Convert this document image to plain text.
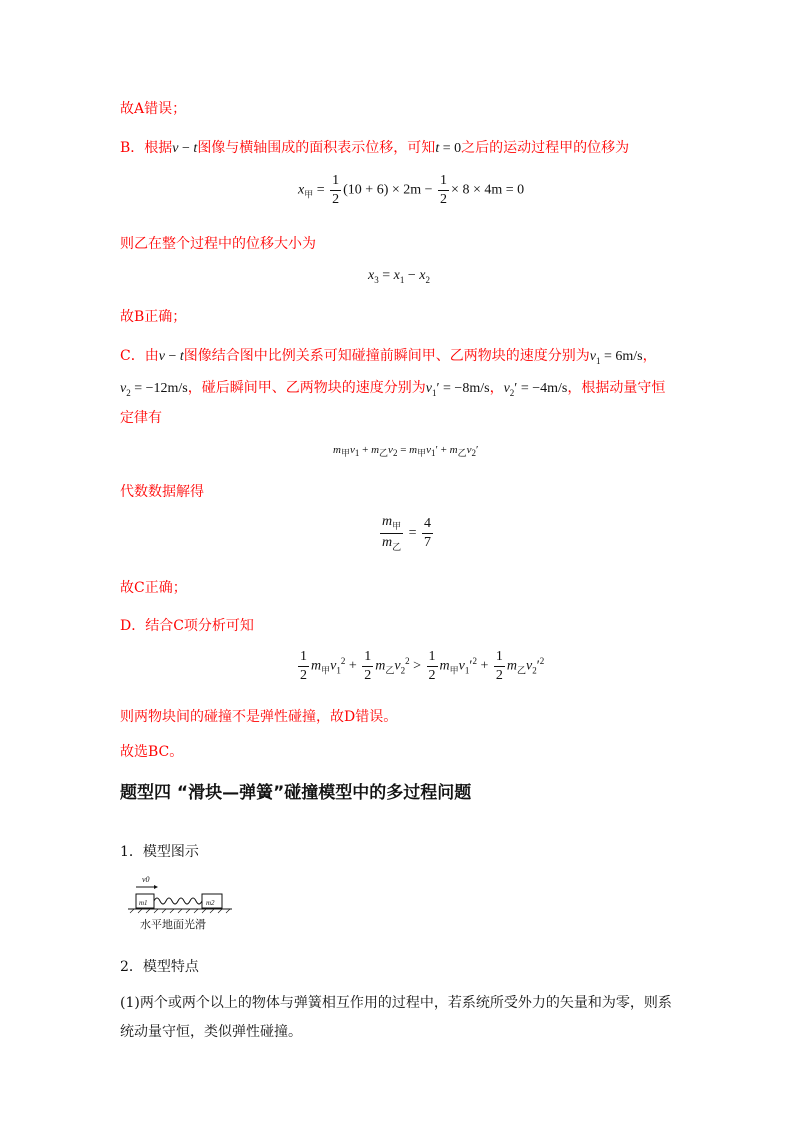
故A错误；
B．根据v − t图像与横轴围成的面积表示位移，可知t = 0之后的运动过程甲的位移为
$x_甲 = \frac{1}{2} (10 + 6) \times 2m - \frac{1}{2} \times 8 \times 4m = 0$
则乙在整个过程中的位移大小为
$x_3 = x_1 - x_2$
故B正确；
C．由v − t图像结合图中比例关系可知碰撞前瞬间甲、乙两物块的速度分别为$v_1 = 6m/s$，
$v_2 = -12m/s$，碰后瞬间甲、乙两物块的速度分别为$v_1' = -8m/s$，$v_2' = -4m/s$，根据动量守恒
定律有
$m_甲v_1 + m_乙v_2 = m_甲v_1' + m_乙v_2'$
代数数据解得
$\frac{m_甲}{m_乙} = \frac{4}{7}$
故C正确；
D．结合C项分析可知
$\frac{1}{2} m_甲v_1^2 + \frac{1}{2} m_乙v_2^2 > \frac{1}{2} m_甲v_1'^2 + \frac{1}{2} m_乙v_2'^2$
则两物块间的碰撞不是弹性碰撞，故D错误。
故选BC。
题型四 “滑块—弹簧”碰撞模型中的多过程问题
1．模型图示
v0
m1	m2
水平地面光滑
2．模型特点
(1)两个或两个以上的物体与弹簧相互作用的过程中，若系统所受外力的矢量和为零，则系
统动量守恒，类似弹性碰撞。
